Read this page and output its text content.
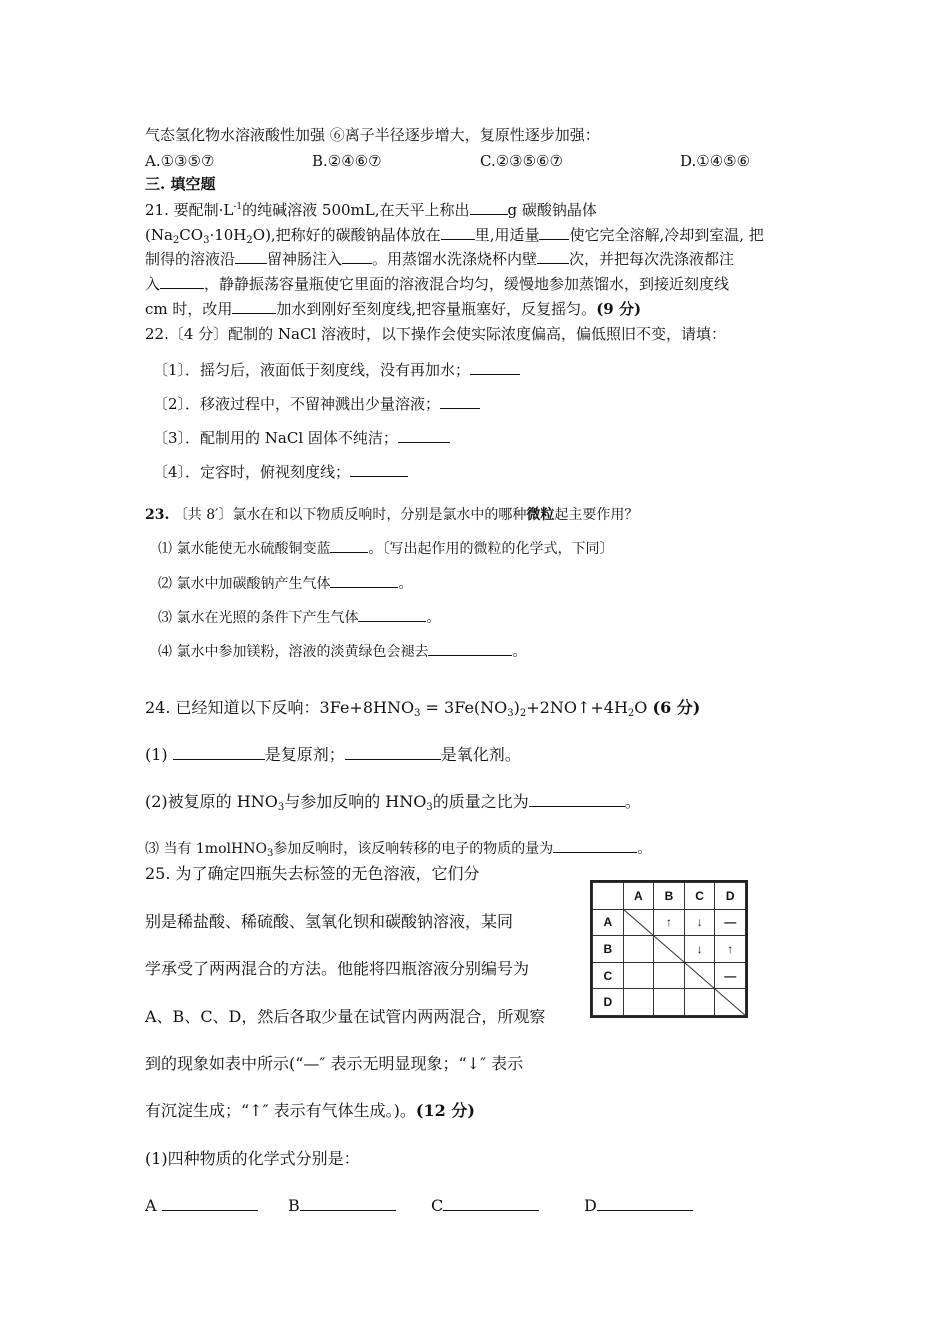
气态氢化物水溶液酸性加强 ⑥离子半径逐步增大，复原性逐步加强：
A.①③⑤⑦	B.②④⑥⑦	C.②③⑤⑥⑦	D.①④⑤⑥
三. 填空题
21. 要配制$\cdot L^{-1}$的纯碱溶液 500mL,在天平上称出	g 碳酸钠晶体
$(Na_2CO_3\cdot 10H_2O)$,把称好的碳酸钠晶体放在 里,用适量 使它完全溶解,冷却到室温, 把
制得的溶液沿 留神肠注入 。用蒸馏水洗涤烧杯内壁 次，并把每次洗涤液都注
入	，静静振荡容量瓶使它里面的溶液混合均匀，缓慢地参加蒸馏水，到接近刻度线
cm 时，改用	加水到刚好至刻度线,把容量瓶塞好，反复摇匀。(9 分)
22.〔4 分〕配制的 NaCl 溶液时，以下操作会使实际浓度偏高，偏低照旧不变，请填：
〔1〕．摇匀后，液面低于刻度线，没有再加水；
〔2〕．移液过程中，不留神溅出少量溶液；
〔3〕．配制用的 NaCl 固体不纯洁；
〔4〕．定容时，俯视刻度线；
23. 〔共 8′〕氯水在和以下物质反响时，分别是氯水中的哪种微粒起主要作用？
⑴ 氯水能使无水硫酸铜变蓝	。〔写出起作用的微粒的化学式，下同〕
⑵ 氯水中加碳酸钠产生气体	。
⑶ 氯水在光照的条件下产生气体	。
⑷ 氯水中参加镁粉，溶液的淡黄绿色会褪去	。
24. 已经知道以下反响：$3Fe+8HNO_3$ = $3Fe(NO_3)_2+2NO↑+4H_2O$ (6 分)
(1)	是复原剂；	是氧化剂。
(2)被复原的 $HNO_3$与参加反响的 $HNO_3$的质量之比为	。
⑶ 当有 1molHNO$_3$参加反响时，该反响转移的电子的物质的量为	。
25. 为了确定四瓶失去标签的无色溶液，它们分
别是稀盐酸、稀硫酸、氢氧化钡和碳酸钠溶液，某同
学承受了两两混合的方法。他能将四瓶溶液分别编号为
A、B、C、D，然后各取少量在试管内两两混合，所观察
到的现象如表中所示(“—″ 表示无明显现象；“↓″ 表示
有沉淀生成；“↑″ 表示有气体生成。)。(12 分)
(1)四种物质的化学式分别是：
A	B	C	D
	A	B	C	D
A		↑	↓	—
B			↓	↑
C				—
D				
